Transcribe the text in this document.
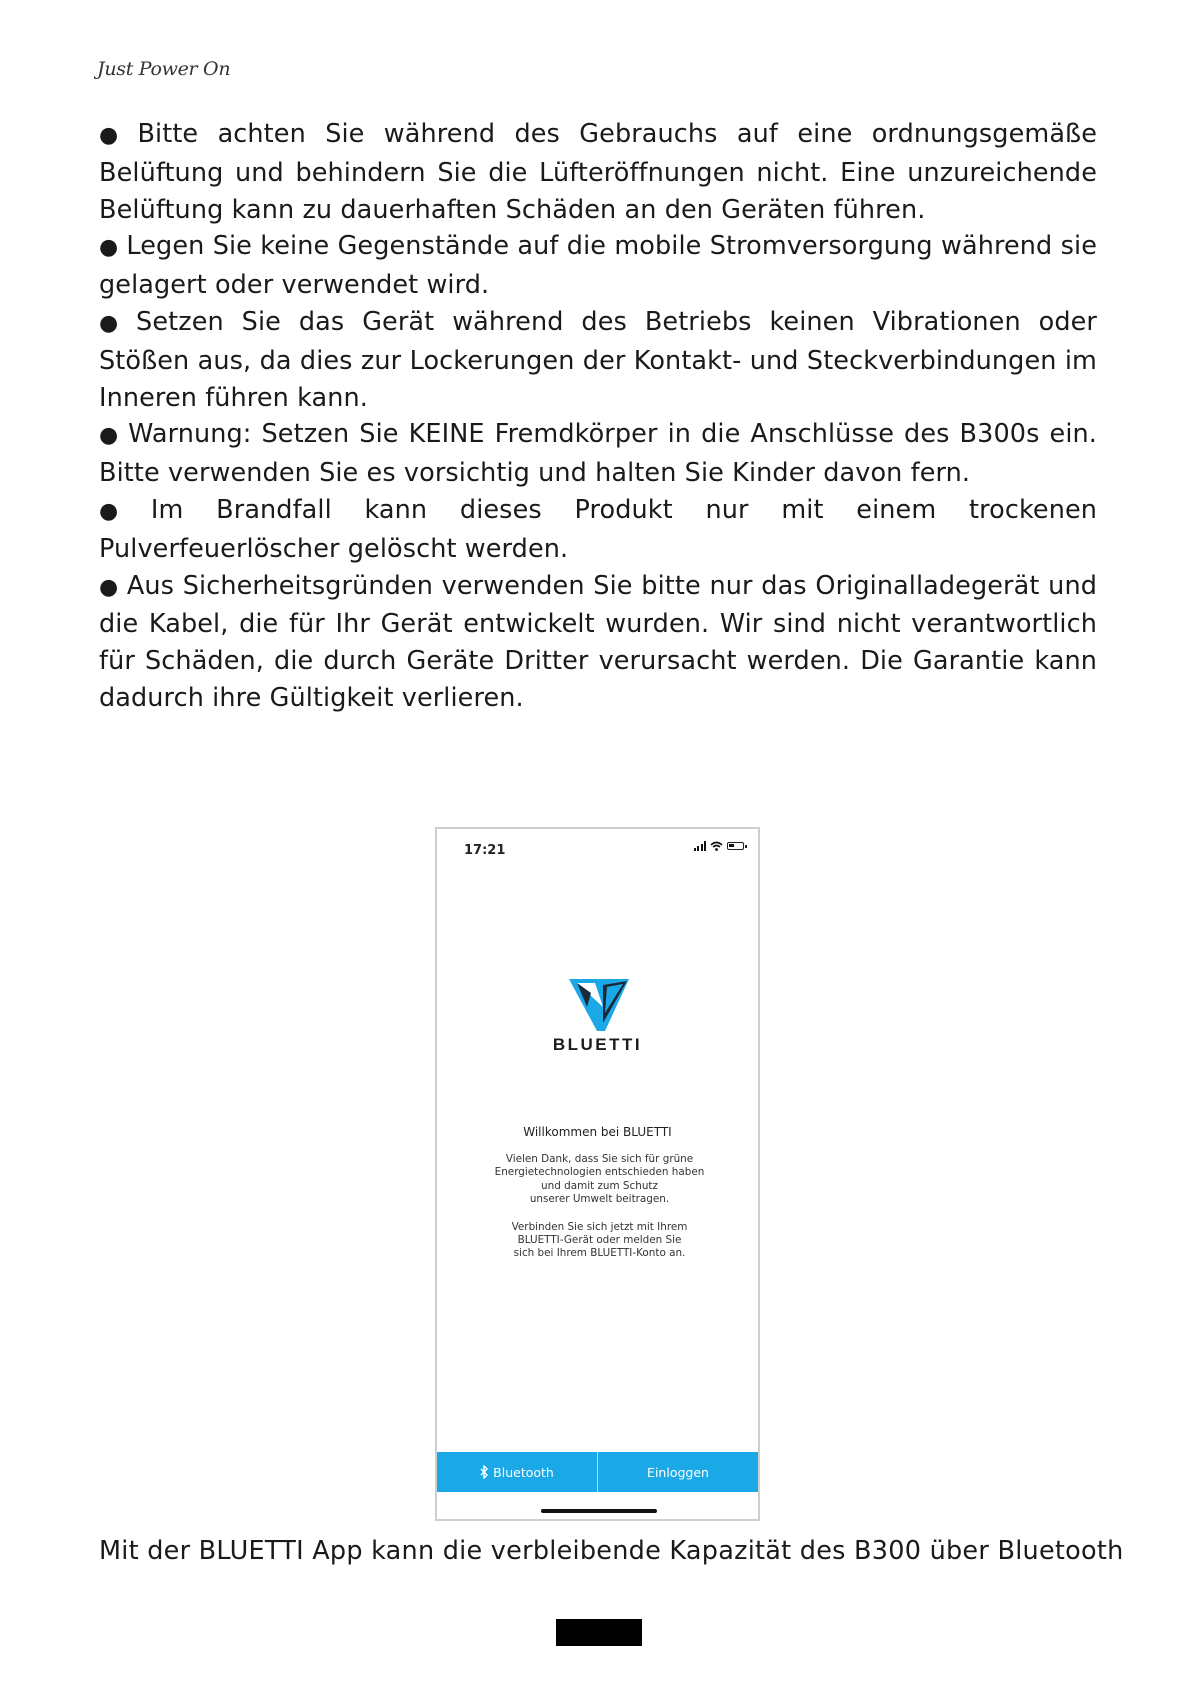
Just Power On

● Bitte achten Sie während des Gebrauchs auf eine ordnungsgemäße Belüftung und behindern Sie die Lüfteröffnungen nicht. Eine unzureichende Belüftung kann zu dauerhaften Schäden an den Geräten führen.

● Legen Sie keine Gegenstände auf die mobile Stromversorgung während sie gelagert oder verwendet wird.

● Setzen Sie das Gerät während des Betriebs keinen Vibrationen oder Stößen aus, da dies zur Lockerungen der Kontakt- und Steckverbindungen im Inneren führen kann.

● Warnung: Setzen Sie KEINE Fremdkörper in die Anschlüsse des B300s ein. Bitte verwenden Sie es vorsichtig und halten Sie Kinder davon fern.

● Im Brandfall kann dieses Produkt nur mit einem trockenen Pulverfeuerlöscher gelöscht werden.

● Aus Sicherheitsgründen verwenden Sie bitte nur das Originalladegerät und die Kabel, die für Ihr Gerät entwickelt wurden. Wir sind nicht verantwortlich für Schäden, die durch Geräte Dritter verursacht werden. Die Garantie kann dadurch ihre Gültigkeit verlieren.

17:21
BLUETTI
Willkommen bei BLUETTI

Vielen Dank, dass Sie sich für grüne
Energietechnologien entschieden haben
und damit zum Schutz
unserer Umwelt beitragen.

Verbinden Sie sich jetzt mit Ihrem
BLUETTI-Gerät oder melden Sie
sich bei Ihrem BLUETTI-Konto an.

Bluetooth	Einloggen
Mit der BLUETTI App kann die verbleibende Kapazität des B300 über Bluetooth
